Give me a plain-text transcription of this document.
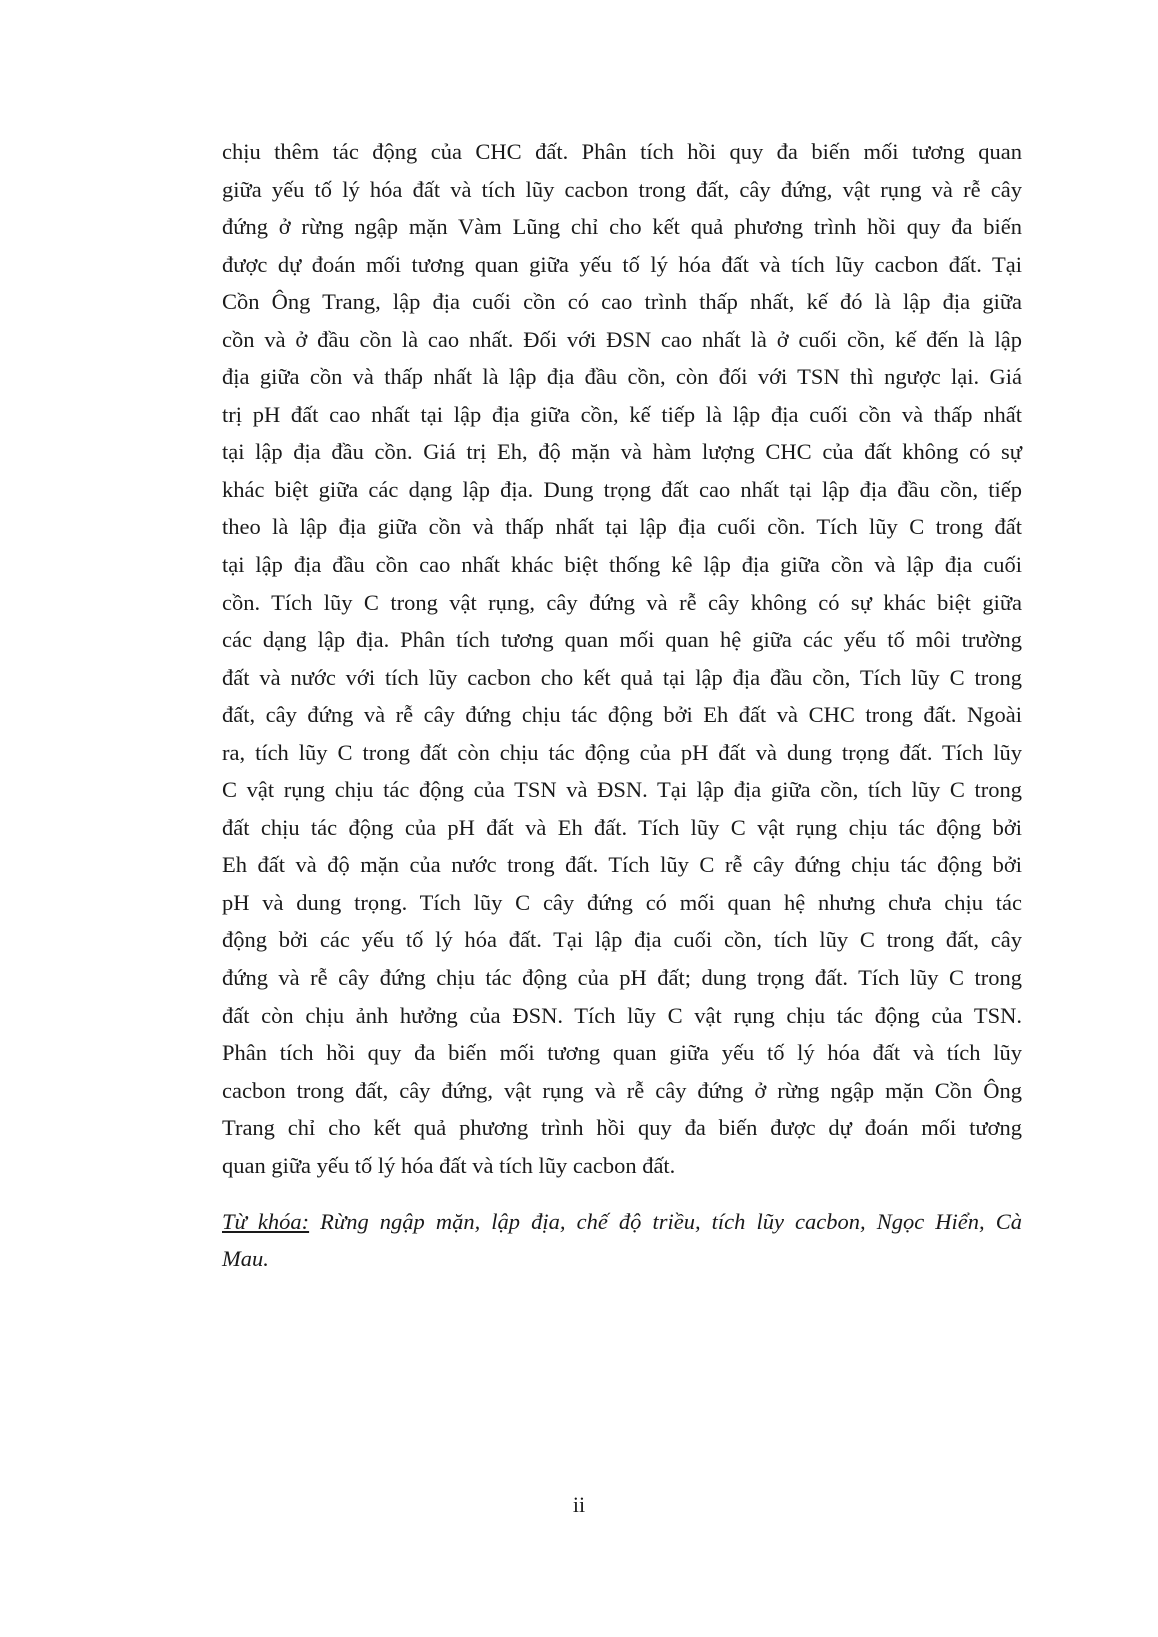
chịu thêm tác động của CHC đất. Phân tích hồi quy đa biến mối tương quan
giữa yếu tố lý hóa đất và tích lũy cacbon trong đất, cây đứng, vật rụng và rễ cây
đứng ở rừng ngập mặn Vàm Lũng chỉ cho kết quả phương trình hồi quy đa biến
được dự đoán mối tương quan giữa yếu tố lý hóa đất và tích lũy cacbon đất. Tại
Cồn Ông Trang, lập địa cuối cồn có cao trình thấp nhất, kế đó là lập địa giữa
cồn và ở đầu cồn là cao nhất. Đối với ĐSN cao nhất là ở cuối cồn, kế đến là lập
địa giữa cồn và thấp nhất là lập địa đầu cồn, còn đối với TSN thì ngược lại. Giá
trị pH đất cao nhất tại lập địa giữa cồn, kế tiếp là lập địa cuối cồn và thấp nhất
tại lập địa đầu cồn. Giá trị Eh, độ mặn và hàm lượng CHC của đất không có sự
khác biệt giữa các dạng lập địa. Dung trọng đất cao nhất tại lập địa đầu cồn, tiếp
theo là lập địa giữa cồn và thấp nhất tại lập địa cuối cồn. Tích lũy C trong đất
tại lập địa đầu cồn cao nhất khác biệt thống kê lập địa giữa cồn và lập địa cuối
cồn. Tích lũy C trong vật rụng, cây đứng và rễ cây không có sự khác biệt giữa
các dạng lập địa. Phân tích tương quan mối quan hệ giữa các yếu tố môi trường
đất và nước với tích lũy cacbon cho kết quả tại lập địa đầu cồn, Tích lũy C trong
đất, cây đứng và rễ cây đứng chịu tác động bởi Eh đất và CHC trong đất. Ngoài
ra, tích lũy C trong đất còn chịu tác động của pH đất và dung trọng đất. Tích lũy
C vật rụng chịu tác động của TSN và ĐSN. Tại lập địa giữa cồn, tích lũy C trong
đất chịu tác động của pH đất và Eh đất. Tích lũy C vật rụng chịu tác động bởi
Eh đất và độ mặn của nước trong đất. Tích lũy C rễ cây đứng chịu tác động bởi
pH và dung trọng. Tích lũy C cây đứng có mối quan hệ nhưng chưa chịu tác
động bởi các yếu tố lý hóa đất. Tại lập địa cuối cồn, tích lũy C trong đất, cây
đứng và rễ cây đứng chịu tác động của pH đất; dung trọng đất. Tích lũy C trong
đất còn chịu ảnh hưởng của ĐSN. Tích lũy C vật rụng chịu tác động của TSN.
Phân tích hồi quy đa biến mối tương quan giữa yếu tố lý hóa đất và tích lũy
cacbon trong đất, cây đứng, vật rụng và rễ cây đứng ở rừng ngập mặn Cồn Ông
Trang chỉ cho kết quả phương trình hồi quy đa biến được dự đoán mối tương
quan giữa yếu tố lý hóa đất và tích lũy cacbon đất.
Từ khóa: Rừng ngập mặn, lập địa, chế độ triều, tích lũy cacbon, Ngọc Hiển, Cà
Mau.
ii
